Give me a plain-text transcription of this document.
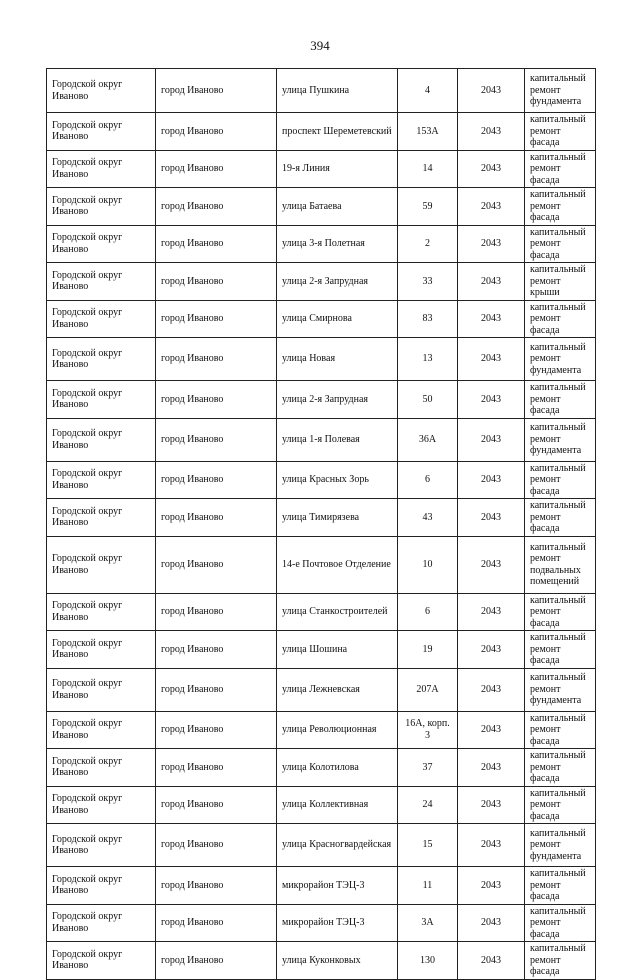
394
Городской округ Иваново	город Иваново	улица Пушкина	4	2043	капитальный ремонт фундамента
Городской округ Иваново	город Иваново	проспект Шереметевский	153А	2043	капитальный ремонт фасада
Городской округ Иваново	город Иваново	19-я Линия	14	2043	капитальный ремонт фасада
Городской округ Иваново	город Иваново	улица Батаева	59	2043	капитальный ремонт фасада
Городской округ Иваново	город Иваново	улица 3-я Полетная	2	2043	капитальный ремонт фасада
Городской округ Иваново	город Иваново	улица 2-я Запрудная	33	2043	капитальный ремонт крыши
Городской округ Иваново	город Иваново	улица Смирнова	83	2043	капитальный ремонт фасада
Городской округ Иваново	город Иваново	улица Новая	13	2043	капитальный ремонт фундамента
Городской округ Иваново	город Иваново	улица 2-я Запрудная	50	2043	капитальный ремонт фасада
Городской округ Иваново	город Иваново	улица 1-я Полевая	36А	2043	капитальный ремонт фундамента
Городской округ Иваново	город Иваново	улица Красных Зорь	6	2043	капитальный ремонт фасада
Городской округ Иваново	город Иваново	улица Тимирязева	43	2043	капитальный ремонт фасада
Городской округ Иваново	город Иваново	14-е Почтовое Отделение	10	2043	капитальный ремонт подвальных помещений
Городской округ Иваново	город Иваново	улица Станкостроителей	6	2043	капитальный ремонт фасада
Городской округ Иваново	город Иваново	улица Шошина	19	2043	капитальный ремонт фасада
Городской округ Иваново	город Иваново	улица Лежневская	207А	2043	капитальный ремонт фундамента
Городской округ Иваново	город Иваново	улица Революционная	16А, корп. 3	2043	капитальный ремонт фасада
Городской округ Иваново	город Иваново	улица Колотилова	37	2043	капитальный ремонт фасада
Городской округ Иваново	город Иваново	улица Коллективная	24	2043	капитальный ремонт фасада
Городской округ Иваново	город Иваново	улица Красногвардейская	15	2043	капитальный ремонт фундамента
Городской округ Иваново	город Иваново	микрорайон ТЭЦ-3	11	2043	капитальный ремонт фасада
Городской округ Иваново	город Иваново	микрорайон ТЭЦ-3	3А	2043	капитальный ремонт фасада
Городской округ Иваново	город Иваново	улица Куконковых	130	2043	капитальный ремонт фасада
